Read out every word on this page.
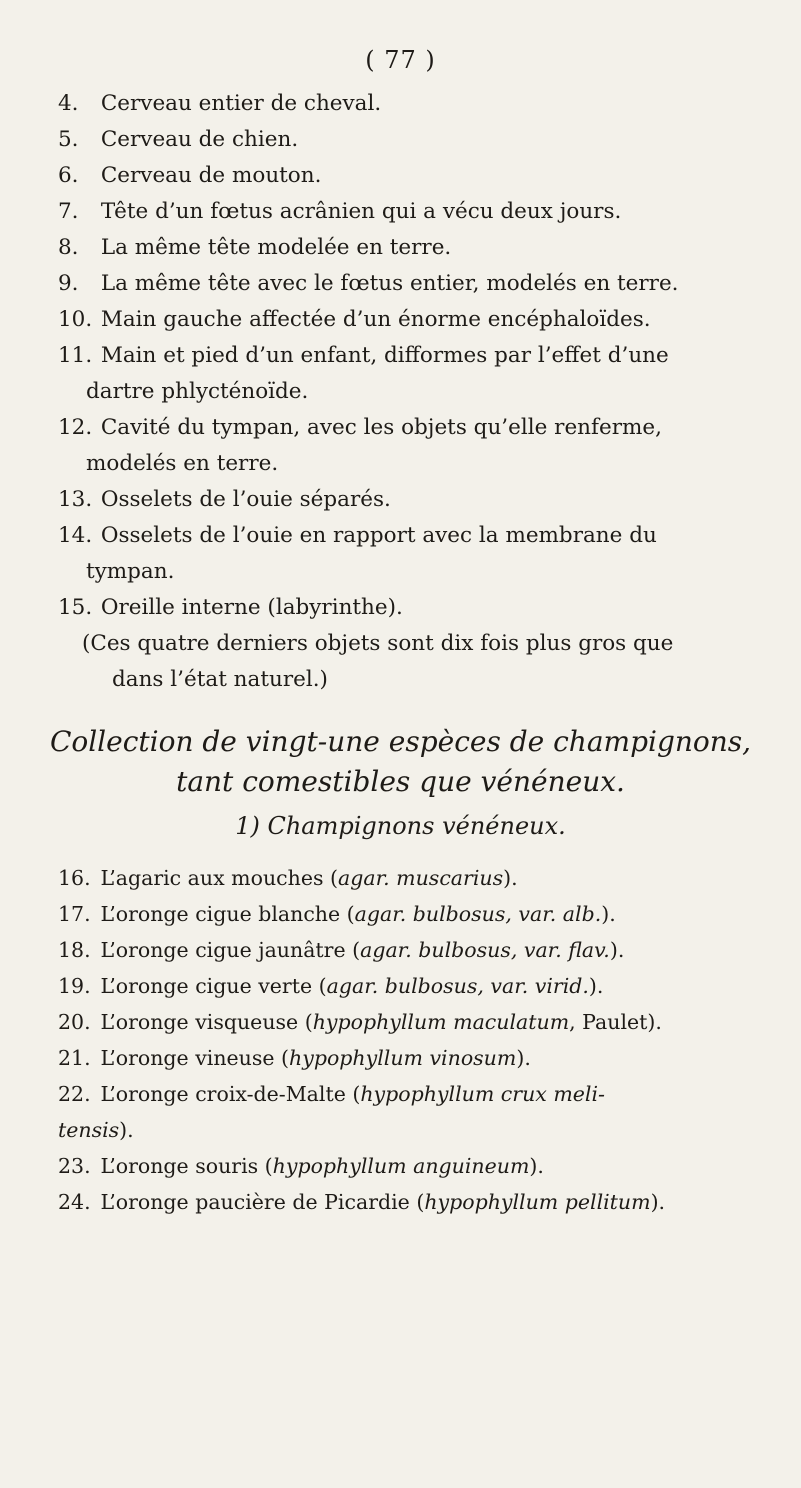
( 77 )
4. Cerveau entier de cheval.
5. Cerveau de chien.
6. Cerveau de mouton.
7. Tête d’un fœtus acrânien qui a vécu deux jours.
8. La même tête modelée en terre.
9. La même tête avec le fœtus entier, modelés en terre.
10. Main gauche affectée d’un énorme encéphaloïdes.
11. Main et pied d’un enfant, difformes par l’effet d’une
dartre phlycténoïde.
12. Cavité du tympan, avec les objets qu’elle renferme,
modelés en terre.
13. Osselets de l’ouie séparés.
14. Osselets de l’ouie en rapport avec la membrane du
tympan.
15. Oreille interne (labyrinthe).
(Ces quatre derniers objets sont dix fois plus gros que
dans l’état naturel.)
Collection de vingt-une espèces de champignons,
tant comestibles que vénéneux.
1) Champignons vénéneux.
16. L’agaric aux mouches (agar. muscarius).
17. L’oronge cigue blanche (agar. bulbosus, var. alb.).
18. L’oronge cigue jaunâtre (agar. bulbosus, var. flav.).
19. L’oronge cigue verte (agar. bulbosus, var. virid.).
20. L’oronge visqueuse (hypophyllum maculatum, Paulet).
21. L’oronge vineuse (hypophyllum vinosum).
22. L’oronge croix-de-Malte (hypophyllum crux meli-
tensis).
23. L’oronge souris (hypophyllum anguineum).
24. L’oronge paucière de Picardie (hypophyllum pellitum).
